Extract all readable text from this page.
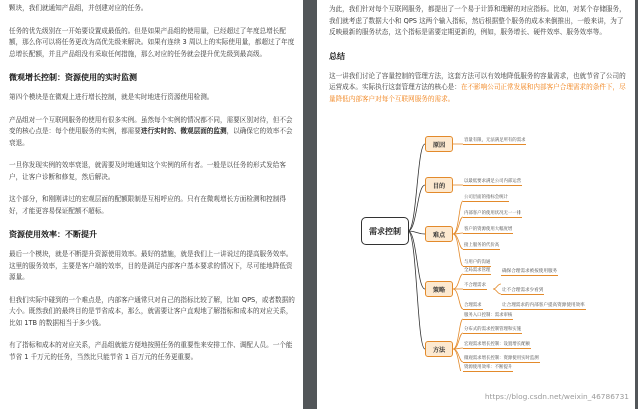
颗块，我们就通知产品组，并创建对应的任务。

任务的优先级别在一开始要设置成最低的。但是如果产品组的使用量，已经超过了年度总增长配额，那么你可以将任务更改为高优先级来解决。如果有连续 3 周以上的实际使用量，都超过了年度总增长配额，并且产品组没有采取任何措施，那么对应的任务就会提升优先级到最高级。

微观增长控制：资源使用的实时监测

第四个模块是在微观上进行增长控制，就是实时地进行资源使用检测。

产品组对一个互联网服务的使用有很多实例。虽然每个实例的情况都不同，需要区别对待，但不会变的核心点是：每个使用服务的实例，都需要进行实时的、微观层面的监测，以确保它的效率不会衰退。

一旦你发现实例的效率衰退，就需要及时地通知这个实例的所有者。一般是以任务的形式发给客户，让客户诊断和修复，然后解决。

这个部分，和刚刚讲过的宏观层面的配额限制是互相呼应的。只有在微观增长方面检测和控制得好，才能更容易保证配额不超标。

资源使用效率：不断提升

最后一个模块，就是不断提升资源使用效率。最好的措施，就是我们上一讲说过的提高服务效率。这里的服务效率，主要是客户端的效率，目的是满足内部客户基本要求的情况下，尽可能地降低资源量。

但我们实际中碰到的一个难点是，内部客户通常只对自己的指标比较了解，比如 QPS，或者数据的大小。既然我们的最终目的是节省成本，那么，就需要让客户直观地了解指标和成本的对应关系，比如 1TB 的数据相当于多少钱。

有了指标和成本的对应关系，产品组就能方便地按照任务的重要性来安排工作、调配人员。一个能节省 1 千万元的任务，当然比只能节省 1 百万元的任务更重要。

为此，我们针对每个互联网服务，都提出了一个易于计算和理解的对应指标。比如，对某个存储服务，我们就考虑了数据大小和 QPS 这两个输入指标，然后根据整个服务的成本来倒推出，一般来讲，为了反映最新的服务状态，这个指标是需要定期更新的，例如，服务增长、硬件效率、服务效率等。

总结

这一讲我们讨论了容量控制的管理方法，这套方法可以有效地降低服务的容量需求，也就节省了公司的运营成本。实际执行这套管理方法的核心是：在不影响公司正常发展和内部客户合理需求的条件下，尽量降低内部客户对每个互联网服务的需求。

需求控制
原因
目的
难点
策略
方法
容量有限，无法满足所有的需求
以最低要求满足公司内部运营
公司层面的指标会统计
内部客户的使用状况无一一排
客户的资源使用大幅度增
接上服务的代价高
与用户的沟通
全局需求管理
不合理需求
合理需求
确保合理需求被按使用服务
让不合理需求少看到
让合理需求的内部客户提高资源使用效率
服务入口控制：需求审核
分布式的需求控制管理和实施
宏观需求增长控制：设置增长配额
微观需求增长控制：资源使用实时监测
资源使用效率：不断提升
https://blog.csdn.net/weixin_46786731
